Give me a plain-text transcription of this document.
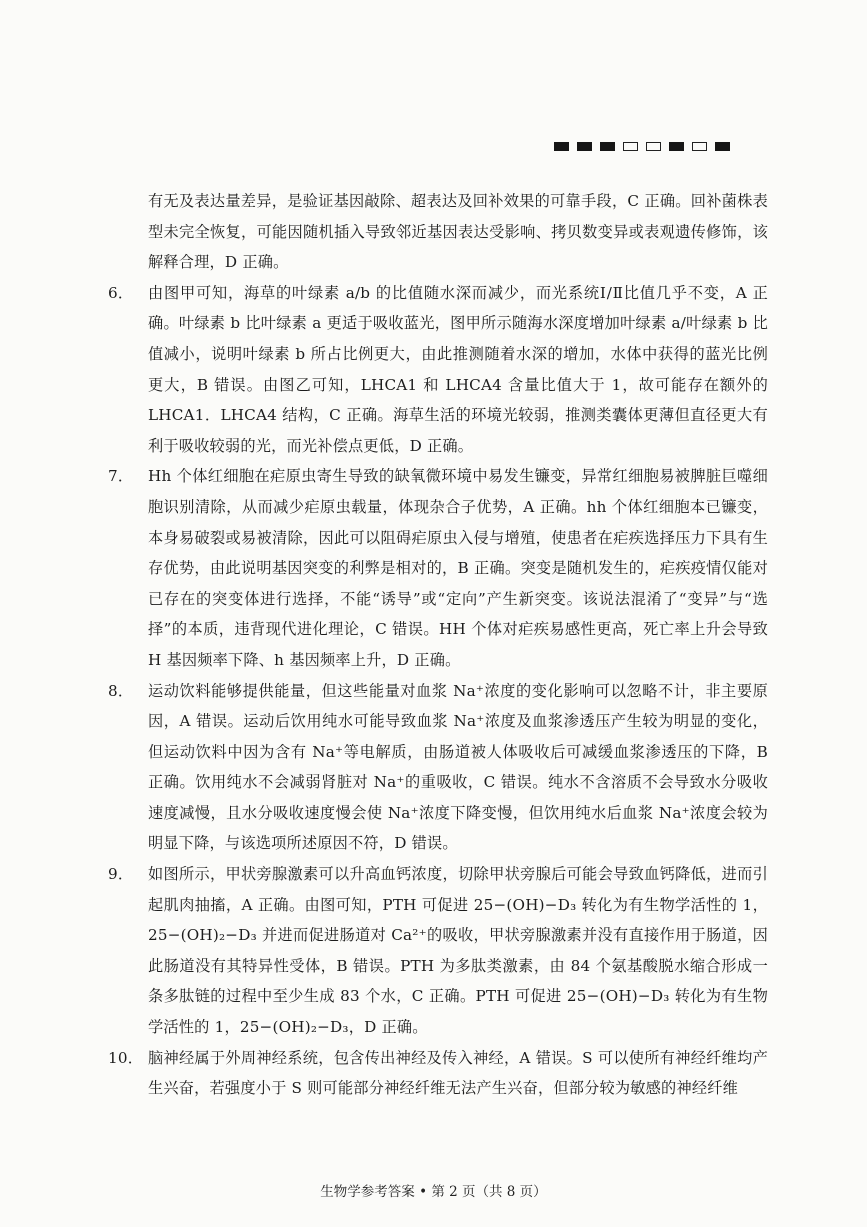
有无及表达量差异，是验证基因敲除、超表达及回补效果的可靠手段，C 正确。回补菌株表型未完全恢复，可能因随机插入导致邻近基因表达受影响、拷贝数变异或表观遗传修饰，该解释合理，D 正确。
6． 由图甲可知，海草的叶绿素 a/b 的比值随水深而减少，而光系统Ⅰ/Ⅱ比值几乎不变，A 正确。叶绿素 b 比叶绿素 a 更适于吸收蓝光，图甲所示随海水深度增加叶绿素 a/叶绿素 b 比值减小，说明叶绿素 b 所占比例更大，由此推测随着水深的增加，水体中获得的蓝光比例更大，B 错误。由图乙可知，LHCA1 和 LHCA4 含量比值大于 1，故可能存在额外的 LHCA1．LHCA4 结构，C 正确。海草生活的环境光较弱，推测类囊体更薄但直径更大有利于吸收较弱的光，而光补偿点更低，D 正确。
7． Hh 个体红细胞在疟原虫寄生导致的缺氧微环境中易发生镰变，异常红细胞易被脾脏巨噬细胞识别清除，从而减少疟原虫载量，体现杂合子优势，A 正确。hh 个体红细胞本已镰变，本身易破裂或易被清除，因此可以阻碍疟原虫入侵与增殖，使患者在疟疾选择压力下具有生存优势，由此说明基因突变的利弊是相对的，B 正确。突变是随机发生的，疟疾疫情仅能对已存在的突变体进行选择，不能“诱导”或“定向”产生新突变。该说法混淆了“变异”与“选择”的本质，违背现代进化理论，C 错误。HH 个体对疟疾易感性更高，死亡率上升会导致 H 基因频率下降、h 基因频率上升，D 正确。
8． 运动饮料能够提供能量，但这些能量对血浆 Na⁺浓度的变化影响可以忽略不计，非主要原因，A 错误。运动后饮用纯水可能导致血浆 Na⁺浓度及血浆渗透压产生较为明显的变化，但运动饮料中因为含有 Na⁺等电解质，由肠道被人体吸收后可减缓血浆渗透压的下降，B 正确。饮用纯水不会减弱肾脏对 Na⁺的重吸收，C 错误。纯水不含溶质不会导致水分吸收速度减慢，且水分吸收速度慢会使 Na⁺浓度下降变慢，但饮用纯水后血浆 Na⁺浓度会较为明显下降，与该选项所述原因不符，D 错误。
9． 如图所示，甲状旁腺激素可以升高血钙浓度，切除甲状旁腺后可能会导致血钙降低，进而引起肌肉抽搐，A 正确。由图可知，PTH 可促进 25−(OH)−D₃ 转化为有生物学活性的 1，25−(OH)₂−D₃ 并进而促进肠道对 Ca²⁺的吸收，甲状旁腺激素并没有直接作用于肠道，因此肠道没有其特异性受体，B 错误。PTH 为多肽类激素，由 84 个氨基酸脱水缩合形成一条多肽链的过程中至少生成 83 个水，C 正确。PTH 可促进 25−(OH)−D₃ 转化为有生物学活性的 1，25−(OH)₂−D₃，D 正确。
10． 脑神经属于外周神经系统，包含传出神经及传入神经，A 错误。S 可以使所有神经纤维均产生兴奋，若强度小于 S 则可能部分神经纤维无法产生兴奋，但部分较为敏感的神经纤维
生物学参考答案 • 第 2 页（共 8 页）
